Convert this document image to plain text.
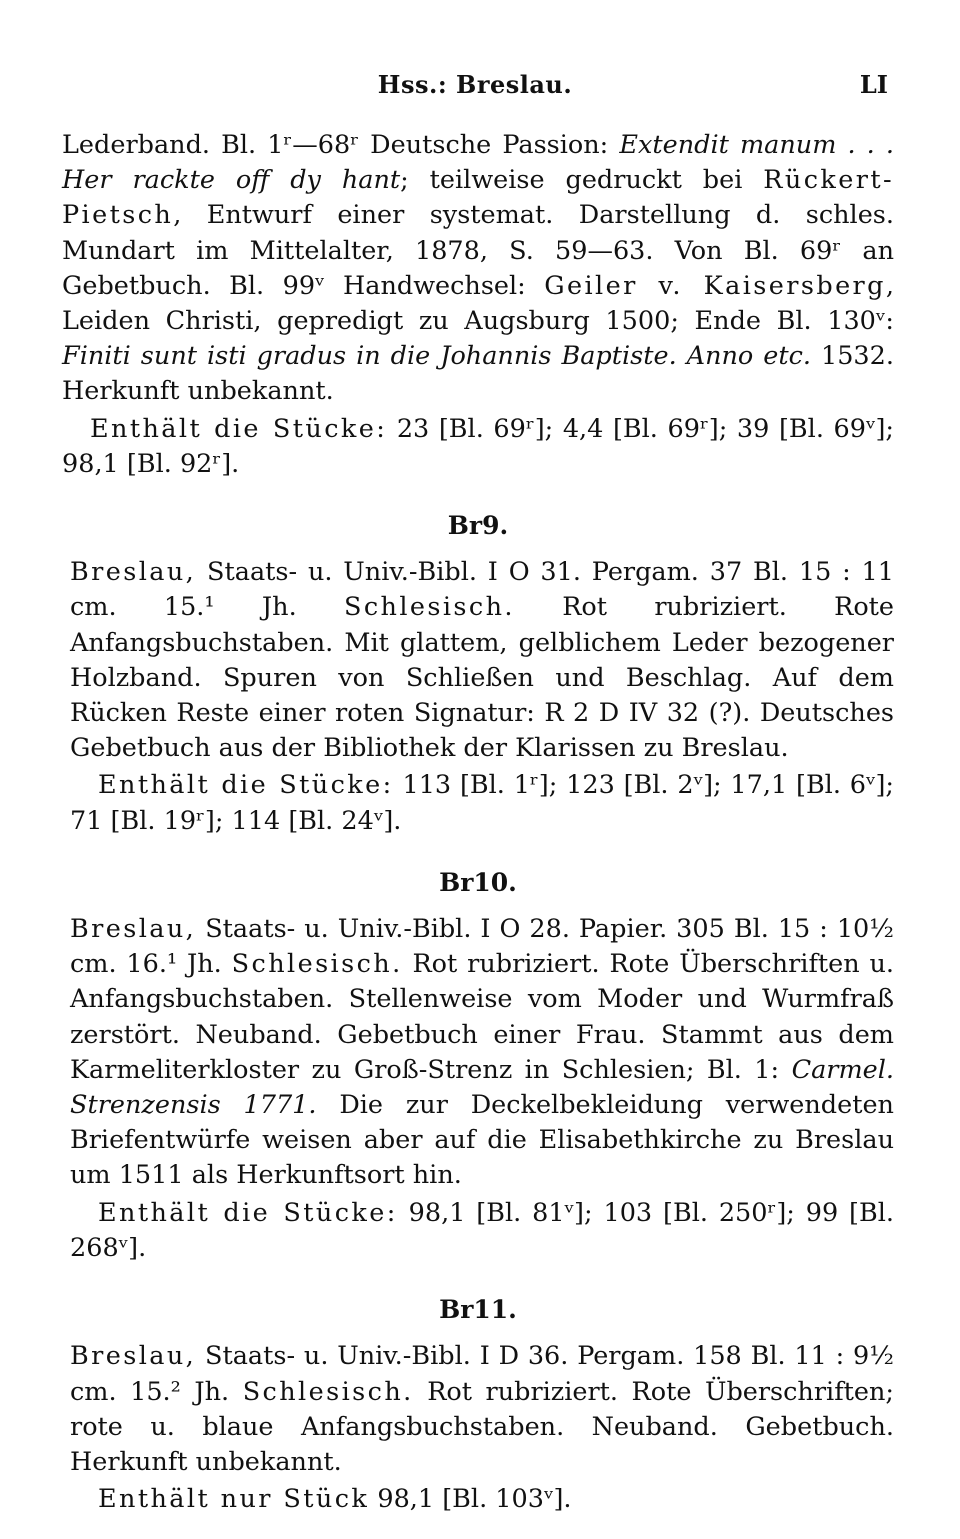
Hss.: Breslau.	LI

Lederband. Bl. 1ʳ—68ʳ Deutsche Passion: Extendit manum . . . Her rackte off dy hant; teilweise gedruckt bei Rückert-Pietsch, Entwurf einer systemat. Darstellung d. schles. Mundart im Mittelalter, 1878, S. 59—63. Von Bl. 69ʳ an Gebetbuch. Bl. 99ᵛ Handwechsel: Geiler v. Kaisersberg, Leiden Christi, gepredigt zu Augsburg 1500; Ende Bl. 130ᵛ: Finiti sunt isti gradus in die Johannis Baptiste. Anno etc. 1532. Herkunft unbekannt.

Enthält die Stücke: 23 [Bl. 69ʳ]; 4,4 [Bl. 69ʳ]; 39 [Bl. 69ᵛ]; 98,1 [Bl. 92ʳ].

Br9.

Breslau, Staats- u. Univ.-Bibl. I O 31. Pergam. 37 Bl. 15 : 11 cm. 15.¹ Jh. Schlesisch. Rot rubriziert. Rote Anfangsbuchstaben. Mit glattem, gelblichem Leder bezogener Holzband. Spuren von Schließen und Beschlag. Auf dem Rücken Reste einer roten Signatur: R 2 D IV 32 (?). Deutsches Gebetbuch aus der Bibliothek der Klarissen zu Breslau.

Enthält die Stücke: 113 [Bl. 1ʳ]; 123 [Bl. 2ᵛ]; 17,1 [Bl. 6ᵛ]; 71 [Bl. 19ʳ]; 114 [Bl. 24ᵛ].

Br10.

Breslau, Staats- u. Univ.-Bibl. I O 28. Papier. 305 Bl. 15 : 10½ cm. 16.¹ Jh. Schlesisch. Rot rubriziert. Rote Überschriften u. Anfangsbuchstaben. Stellenweise vom Moder und Wurmfraß zerstört. Neuband. Gebetbuch einer Frau. Stammt aus dem Karmeliterkloster zu Groß-Strenz in Schlesien; Bl. 1: Carmel. Strenzensis 1771. Die zur Deckelbekleidung verwendeten Briefentwürfe weisen aber auf die Elisabethkirche zu Breslau um 1511 als Herkunftsort hin.

Enthält die Stücke: 98,1 [Bl. 81ᵛ]; 103 [Bl. 250ʳ]; 99 [Bl. 268ᵛ].

Br11.

Breslau, Staats- u. Univ.-Bibl. I D 36. Pergam. 158 Bl. 11 : 9½ cm. 15.² Jh. Schlesisch. Rot rubriziert. Rote Überschriften; rote u. blaue Anfangsbuchstaben. Neuband. Gebetbuch. Herkunft unbekannt.

Enthält nur Stück 98,1 [Bl. 103ᵛ].
